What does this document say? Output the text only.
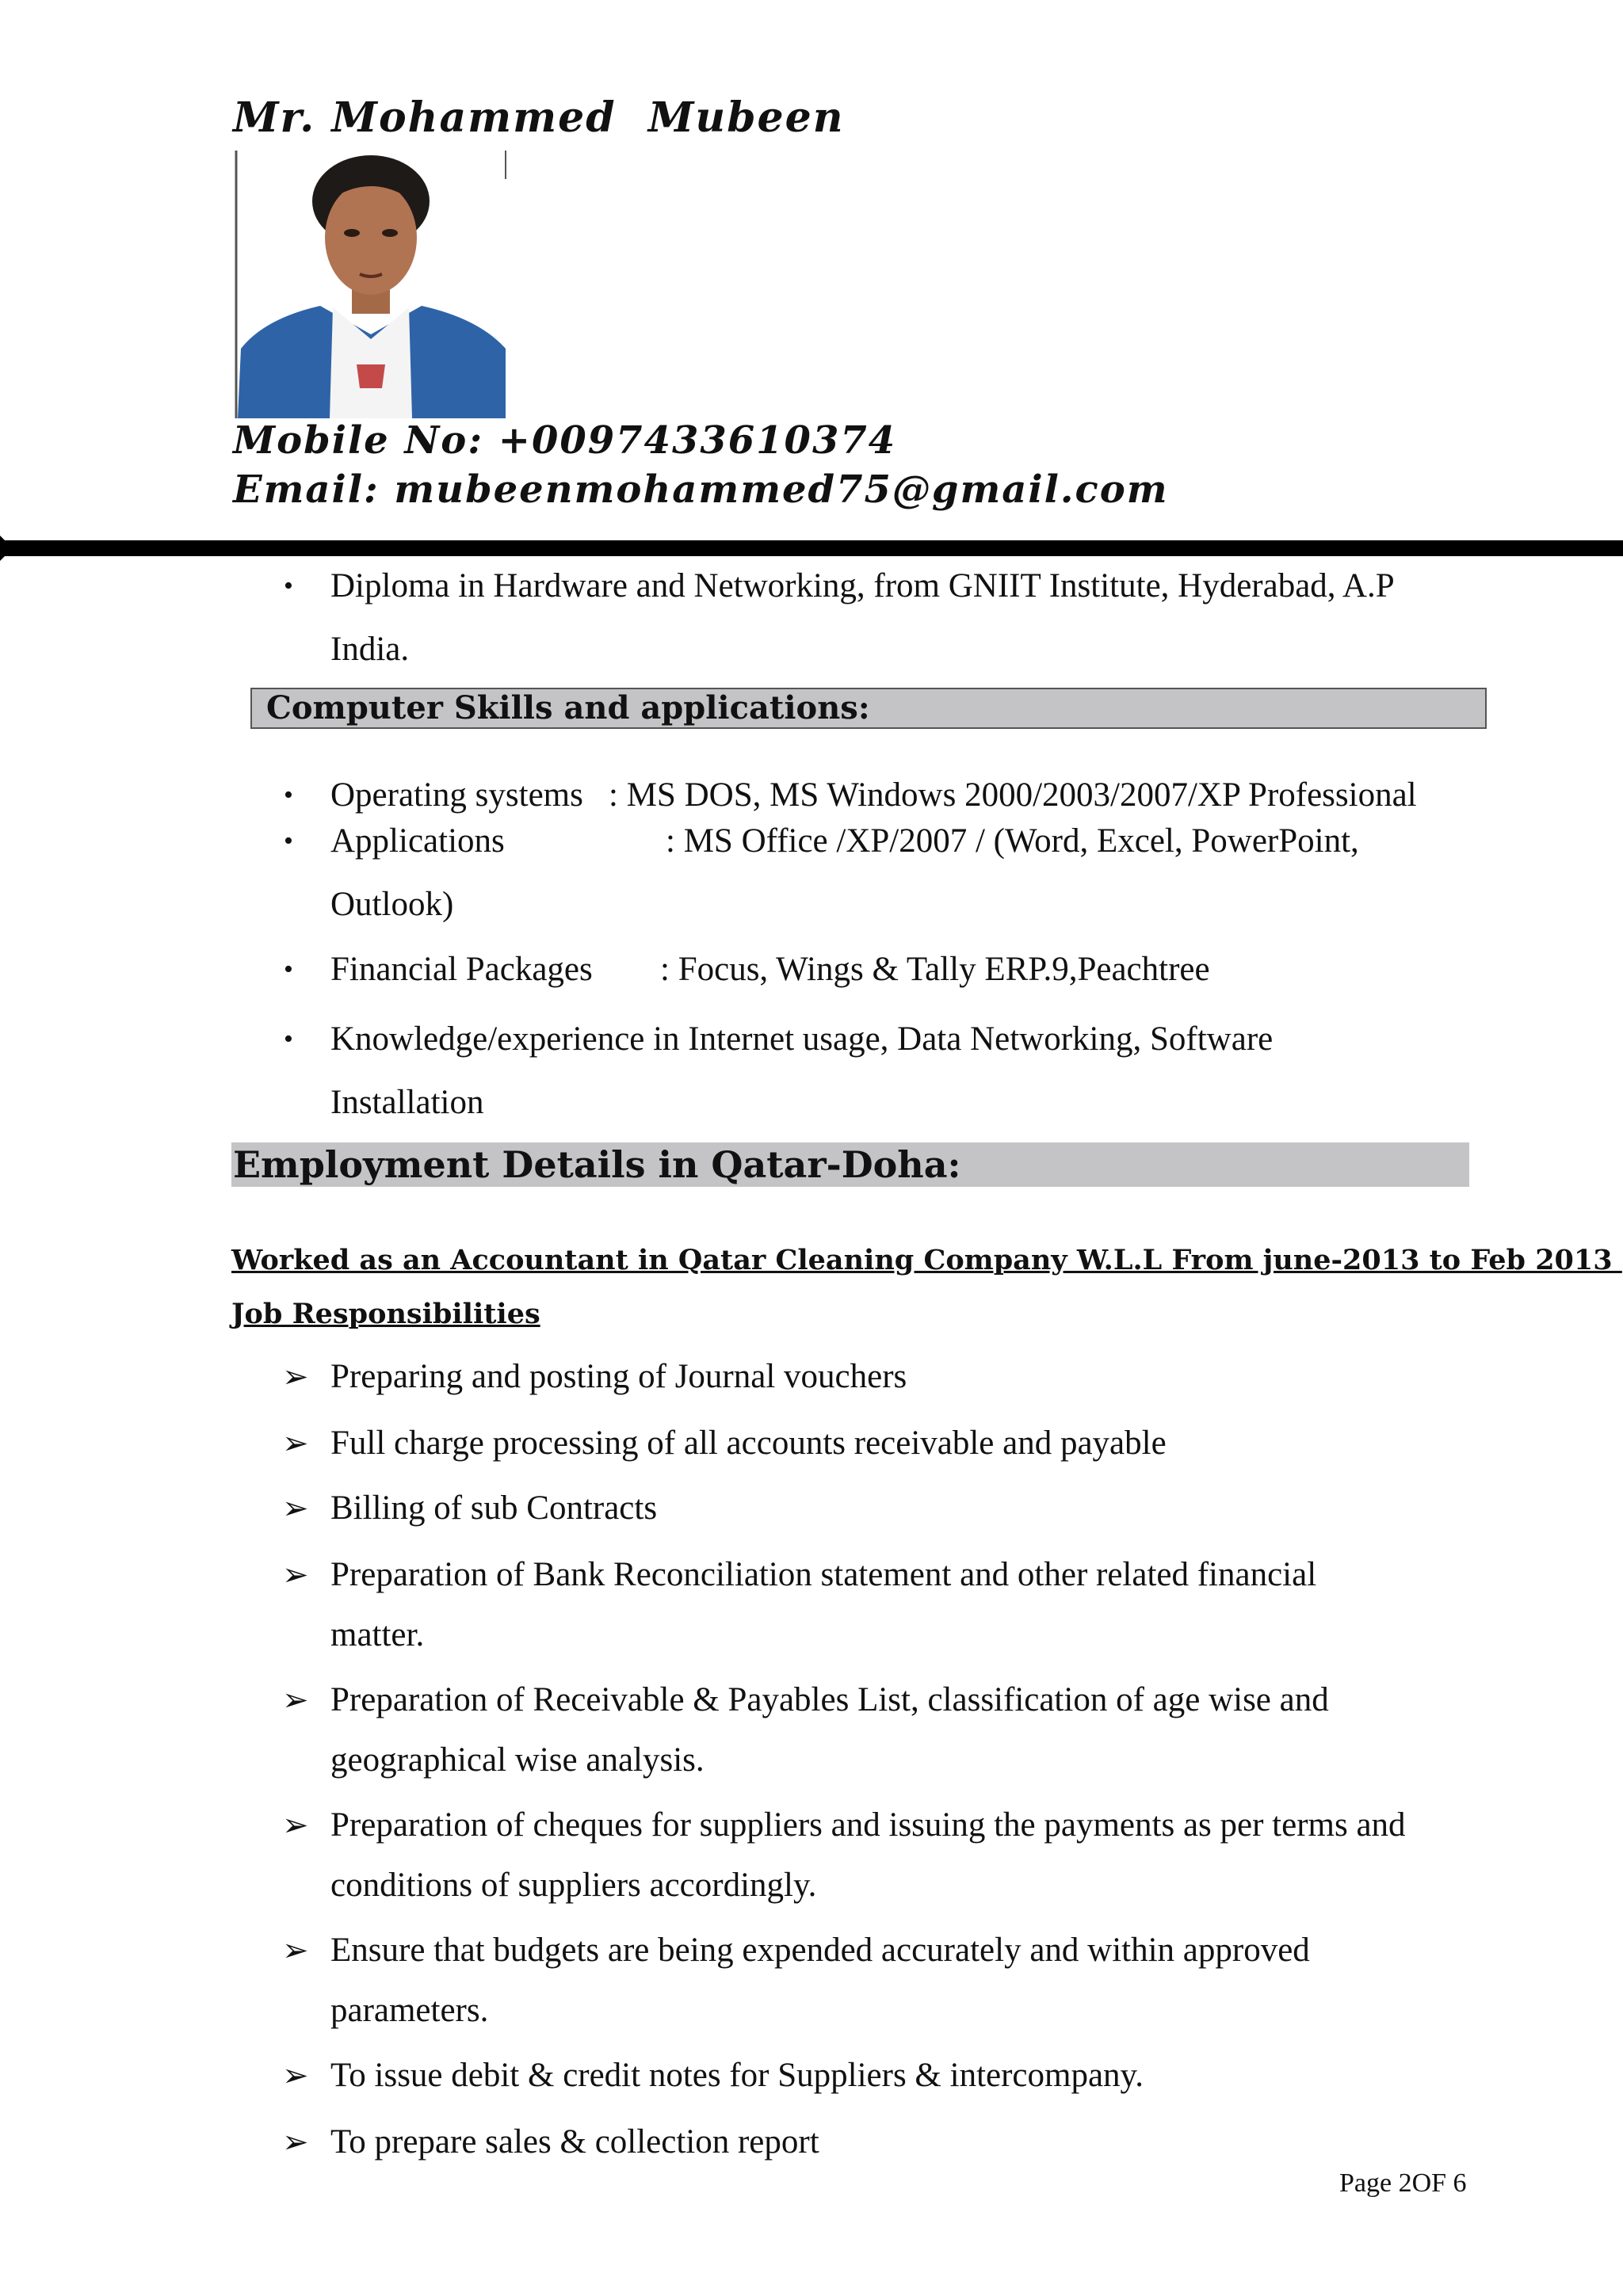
Mr. Mohammed  Mubeen
Mobile No: +0097433610374
Email: mubeenmohammed75@gmail.com
• Diploma in Hardware and Networking, from GNIIT Institute, Hyderabad, A.P
India.
Computer Skills and applications:
• Operating systems : MS DOS, MS Windows 2000/2003/2007/XP Professional
• Applications	: MS Office /XP/2007 / (Word, Excel, PowerPoint,
Outlook)
• Financial Packages : Focus, Wings & Tally ERP.9,Peachtree
• Knowledge/experience in Internet usage, Data Networking, Software
Installation
Employment Details in Qatar-Doha:
Worked as an Accountant in Qatar Cleaning Company W.L.L From june-2013 to Feb 2013
Job Responsibilities
➢ Preparing and posting of Journal vouchers
➢ Full charge processing of all accounts receivable and payable
➢ Billing of sub Contracts
➢ Preparation of Bank Reconciliation statement and other related financial
matter.
➢ Preparation of Receivable & Payables List, classification of age wise and
geographical wise analysis.
➢ Preparation of cheques for suppliers and issuing the payments as per terms and
conditions of suppliers accordingly.
➢ Ensure that budgets are being expended accurately and within approved
parameters.
➢ To issue debit & credit notes for Suppliers & intercompany.
➢ To prepare sales & collection report
Page 2OF 6
